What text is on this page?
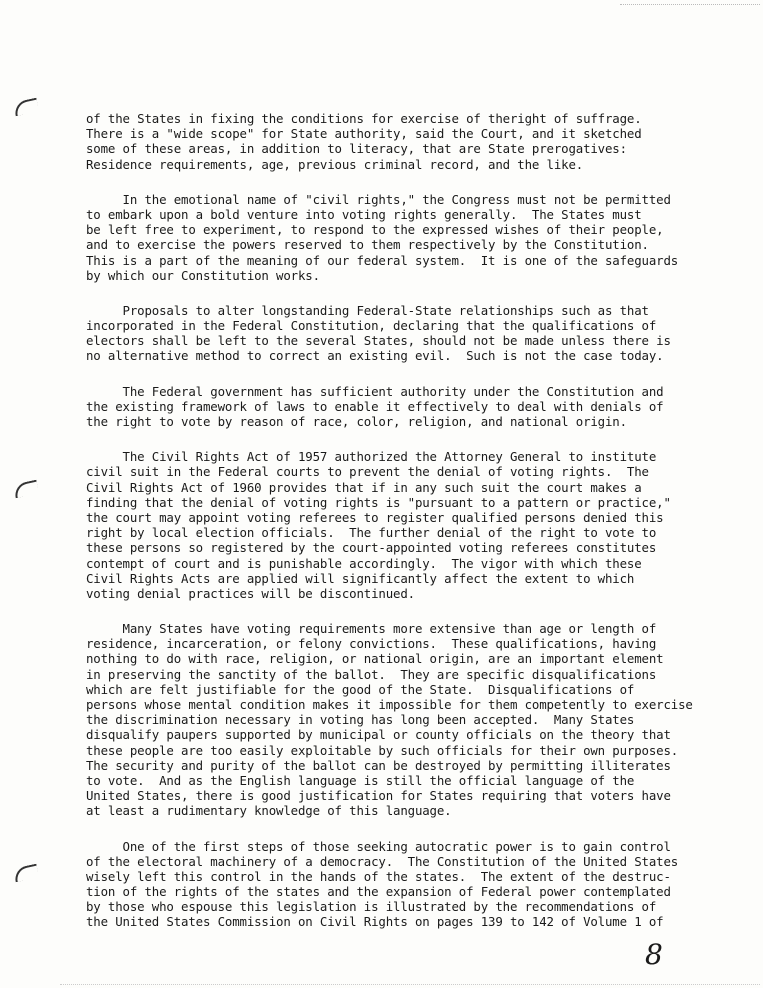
of the States in fixing the conditions for exercise of theright of suffrage.
There is a "wide scope" for State authority, said the Court, and it sketched
some of these areas, in addition to literacy, that are State prerogatives:
Residence requirements, age, previous criminal record, and the like.
In the emotional name of "civil rights," the Congress must not be permitted
to embark upon a bold venture into voting rights generally.  The States must
be left free to experiment, to respond to the expressed wishes of their people,
and to exercise the powers reserved to them respectively by the Constitution.
This is a part of the meaning of our federal system.  It is one of the safeguards
by which our Constitution works.
Proposals to alter longstanding Federal-State relationships such as that
incorporated in the Federal Constitution, declaring that the qualifications of
electors shall be left to the several States, should not be made unless there is
no alternative method to correct an existing evil.  Such is not the case today.
The Federal government has sufficient authority under the Constitution and
the existing framework of laws to enable it effectively to deal with denials of
the right to vote by reason of race, color, religion, and national origin.
The Civil Rights Act of 1957 authorized the Attorney General to institute
civil suit in the Federal courts to prevent the denial of voting rights.  The
Civil Rights Act of 1960 provides that if in any such suit the court makes a
finding that the denial of voting rights is "pursuant to a pattern or practice,"
the court may appoint voting referees to register qualified persons denied this
right by local election officials.  The further denial of the right to vote to
these persons so registered by the court-appointed voting referees constitutes
contempt of court and is punishable accordingly.  The vigor with which these
Civil Rights Acts are applied will significantly affect the extent to which
voting denial practices will be discontinued.
Many States have voting requirements more extensive than age or length of
residence, incarceration, or felony convictions.  These qualifications, having
nothing to do with race, religion, or national origin, are an important element
in preserving the sanctity of the ballot.  They are specific disqualifications
which are felt justifiable for the good of the State.  Disqualifications of
persons whose mental condition makes it impossible for them competently to exercise
the discrimination necessary in voting has long been accepted.  Many States
disqualify paupers supported by municipal or county officials on the theory that
these people are too easily exploitable by such officials for their own purposes.
The security and purity of the ballot can be destroyed by permitting illiterates
to vote.  And as the English language is still the official language of the
United States, there is good justification for States requiring that voters have
at least a rudimentary knowledge of this language.
One of the first steps of those seeking autocratic power is to gain control
of the electoral machinery of a democracy.  The Constitution of the United States
wisely left this control in the hands of the states.  The extent of the destruc-
tion of the rights of the states and the expansion of Federal power contemplated
by those who espouse this legislation is illustrated by the recommendations of
the United States Commission on Civil Rights on pages 139 to 142 of Volume 1 of
8
